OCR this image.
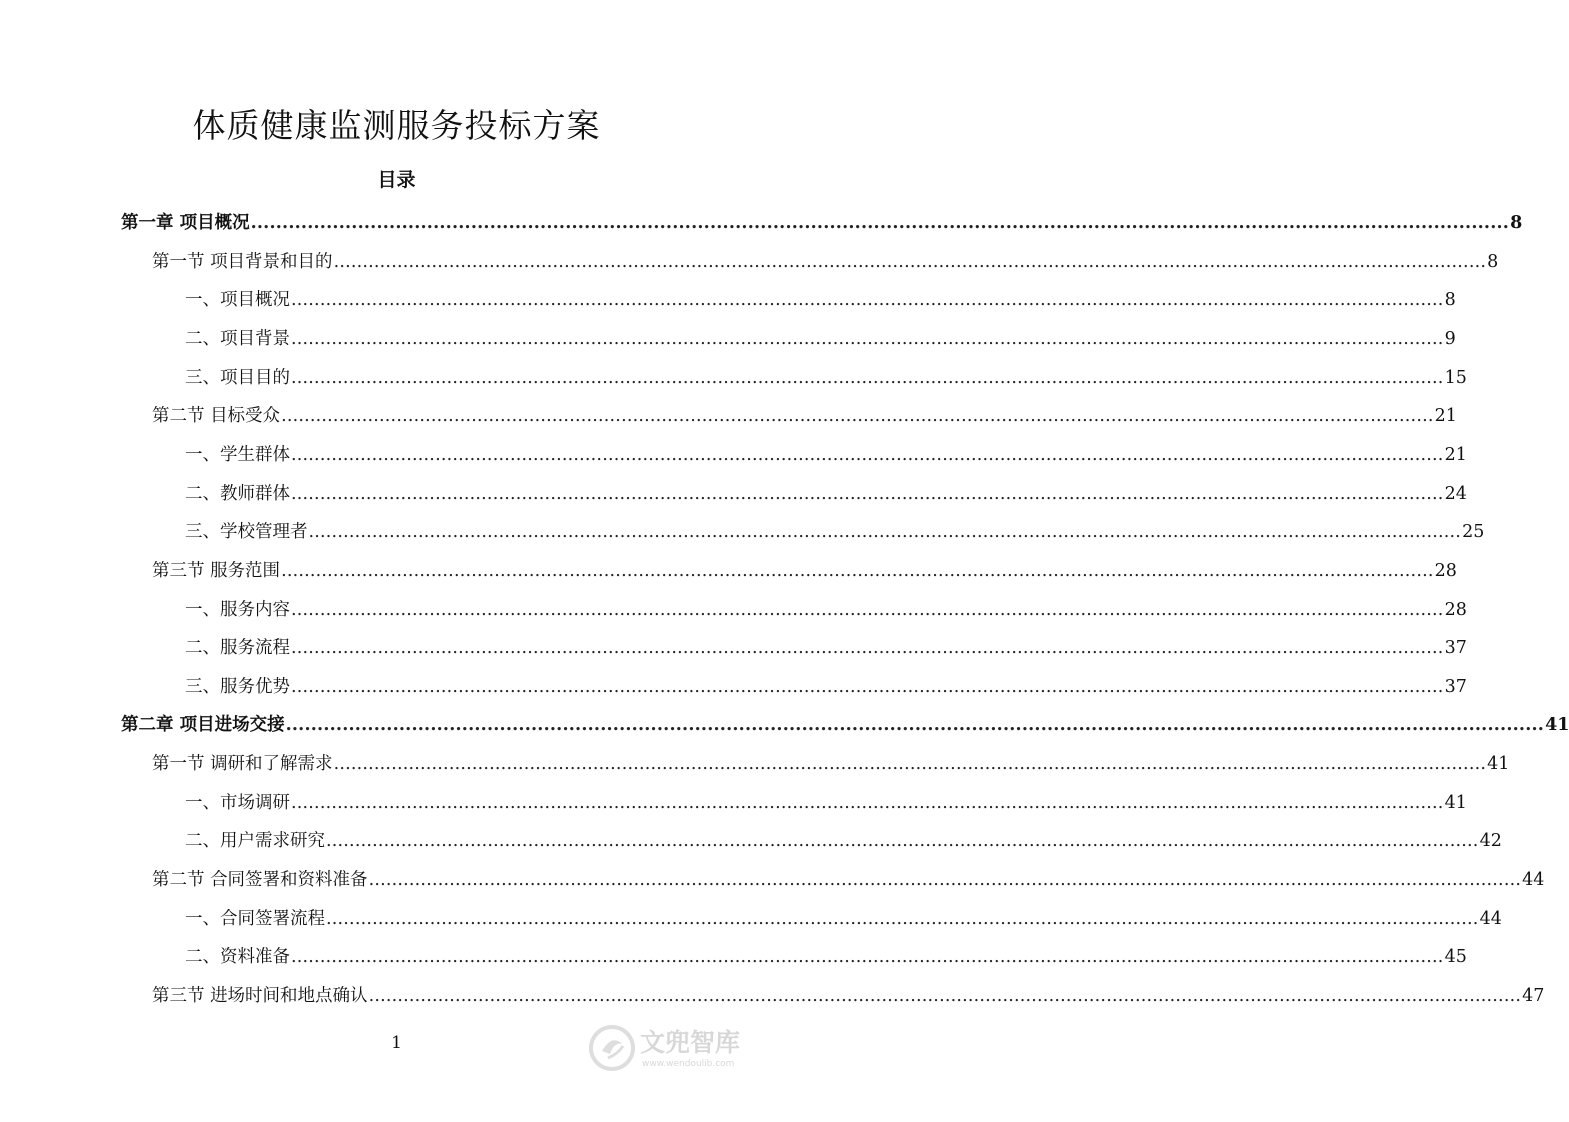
体质健康监测服务投标方案
目录
第一章 项目概况 ........................................................................................................................................................................................................ 8
第一节 项目背景和目的 ........................................................................................................................................................................................................ 8
一、项目概况 ........................................................................................................................................................................................................ 8
二、项目背景 ........................................................................................................................................................................................................ 9
三、项目目的 ........................................................................................................................................................................................................ 15
第二节 目标受众 ........................................................................................................................................................................................................ 21
一、学生群体 ........................................................................................................................................................................................................ 21
二、教师群体 ........................................................................................................................................................................................................ 24
三、学校管理者 ........................................................................................................................................................................................................ 25
第三节 服务范围 ........................................................................................................................................................................................................ 28
一、服务内容 ........................................................................................................................................................................................................ 28
二、服务流程 ........................................................................................................................................................................................................ 37
三、服务优势 ........................................................................................................................................................................................................ 37
第二章 项目进场交接 ........................................................................................................................................................................................................ 41
第一节 调研和了解需求 ........................................................................................................................................................................................................ 41
一、市场调研 ........................................................................................................................................................................................................ 41
二、用户需求研究 ........................................................................................................................................................................................................ 42
第二节 合同签署和资料准备 ........................................................................................................................................................................................................ 44
一、合同签署流程 ........................................................................................................................................................................................................ 44
二、资料准备 ........................................................................................................................................................................................................ 45
第三节 进场时间和地点确认 ........................................................................................................................................................................................................ 47
1	文兜智库
www.wendoulib.com
